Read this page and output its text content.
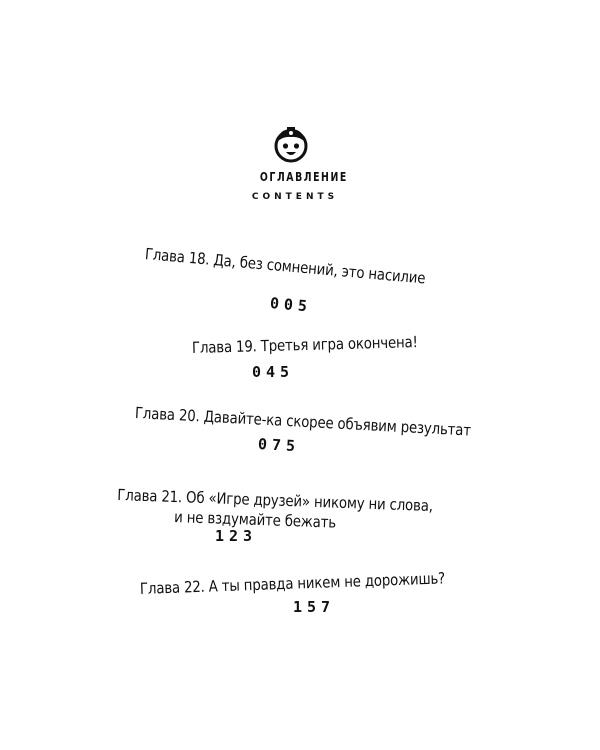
ОГЛАВЛЕНИЕ
CONTENTS
Глава 18. Да, без сомнений, это насилие
005
Глава 19. Третья игра окончена!
045
Глава 20. Давайте-ка скорее объявим результат
075
Глава 21. Об «Игре друзей» никому ни слова,
и не вздумайте бежать
123
Глава 22. А ты правда никем не дорожишь?
157
